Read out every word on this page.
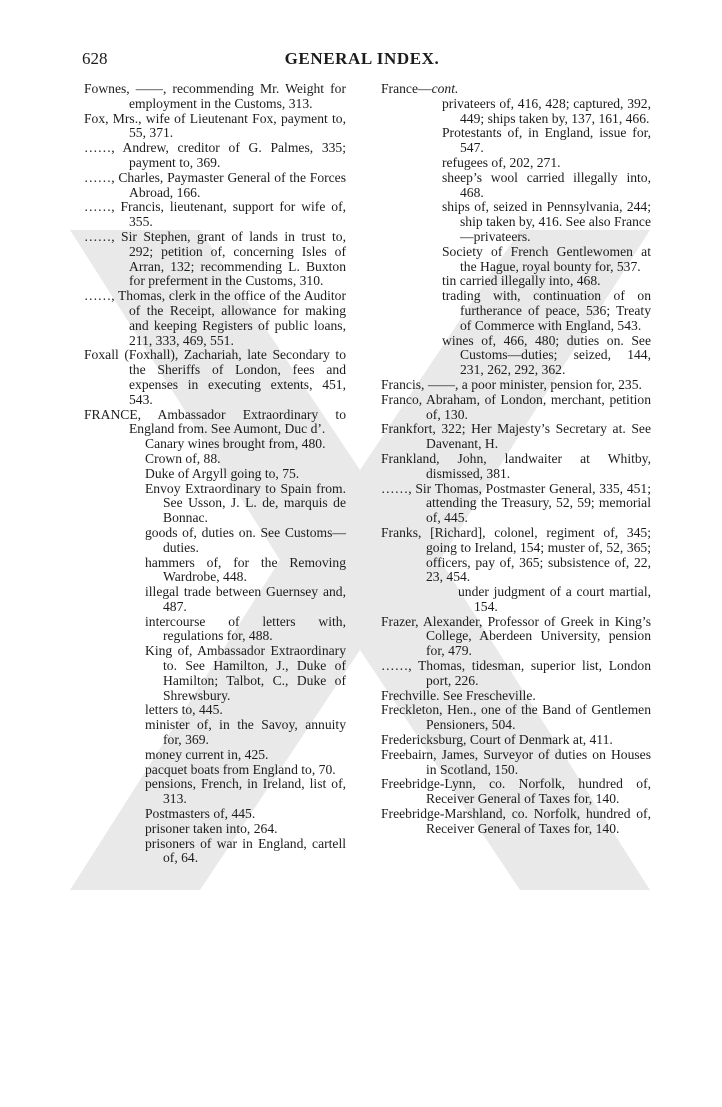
628	GENERAL INDEX.
Fownes, ——, recommending Mr. Weight for employment in the Customs, 313.
Fox, Mrs., wife of Lieutenant Fox, payment to, 55, 371.
……, Andrew, creditor of G. Palmes, 335; payment to, 369.
……, Charles, Paymaster General of the Forces Abroad, 166.
……, Francis, lieutenant, support for wife of, 355.
……, Sir Stephen, grant of lands in trust to, 292; petition of, concerning Isles of Arran, 132; recommending L. Buxton for preferment in the Customs, 310.
……, Thomas, clerk in the office of the Auditor of the Receipt, allowance for making and keeping Registers of public loans, 211, 333, 469, 551.
Foxall (Foxhall), Zachariah, late Secondary to the Sheriffs of London, fees and expenses in executing extents, 451, 543.
FRANCE, Ambassador Extraordinary to England from. See Aumont, Duc d’.
Canary wines brought from, 480.
Crown of, 88.
Duke of Argyll going to, 75.
Envoy Extraordinary to Spain from. See Usson, J. L. de, marquis de Bonnac.
goods of, duties on. See Customs—duties.
hammers of, for the Removing Wardrobe, 448.
illegal trade between Guernsey and, 487.
intercourse of letters with, regulations for, 488.
King of, Ambassador Extraordinary to. See Hamilton, J., Duke of Hamilton; Talbot, C., Duke of Shrewsbury.
letters to, 445.
minister of, in the Savoy, annuity for, 369.
money current in, 425.
pacquet boats from England to, 70.
pensions, French, in Ireland, list of, 313.
Postmasters of, 445.
prisoner taken into, 264.
prisoners of war in England, cartell of, 64.
France—cont.
privateers of, 416, 428; captured, 392, 449; ships taken by, 137, 161, 466.
Protestants of, in England, issue for, 547.
refugees of, 202, 271.
sheep’s wool carried illegally into, 468.
ships of, seized in Pennsylvania, 244; ship taken by, 416. See also France—privateers.
Society of French Gentlewomen at the Hague, royal bounty for, 537.
tin carried illegally into, 468.
trading with, continuation of on furtherance of peace, 536; Treaty of Commerce with England, 543.
wines of, 466, 480; duties on. See Customs—duties; seized, 144, 231, 262, 292, 362.
Francis, ——, a poor minister, pension for, 235.
Franco, Abraham, of London, merchant, petition of, 130.
Frankfort, 322; Her Majesty’s Secretary at. See Davenant, H.
Frankland, John, landwaiter at Whitby, dismissed, 381.
……, Sir Thomas, Postmaster General, 335, 451; attending the Treasury, 52, 59; memorial of, 445.
Franks, [Richard], colonel, regiment of, 345; going to Ireland, 154; muster of, 52, 365; officers, pay of, 365; subsistence of, 22, 23, 454.
under judgment of a court martial, 154.
Frazer, Alexander, Professor of Greek in King’s College, Aberdeen University, pension for, 479.
……, Thomas, tidesman, superior list, London port, 226.
Frechville. See Frescheville.
Freckleton, Hen., one of the Band of Gentlemen Pensioners, 504.
Fredericksburg, Court of Denmark at, 411.
Freebairn, James, Surveyor of duties on Houses in Scotland, 150.
Freebridge-Lynn, co. Norfolk, hundred of, Receiver General of Taxes for, 140.
Freebridge-Marshland, co. Norfolk, hundred of, Receiver General of Taxes for, 140.
